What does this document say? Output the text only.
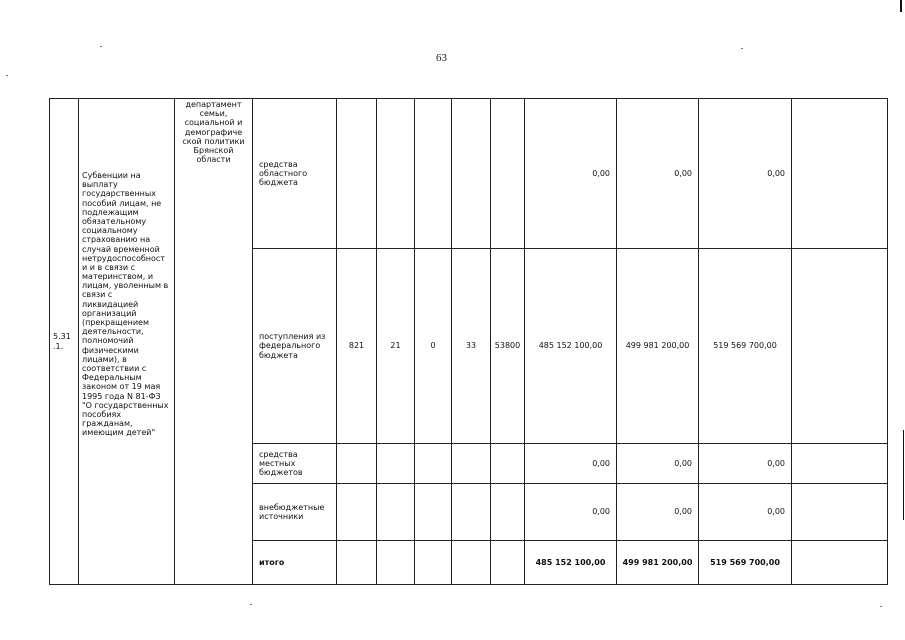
63
5.31 .1.	Субвенции на выплату государственных пособий лицам, не подлежащим обязательному социальному страхованию на случай временной нетрудоспособност и и в связи с материнством, и лицам, уволенным в связи с ликвидацией организаций (прекращением деятельности, полномочий физическими лицами), в соответствии с Федеральным законом от 19 мая 1995 года N 81-ФЗ "О государственных пособиях гражданам, имеющим детей"	департамент семьи, социальной и демографиче ской политики Брянской области	средства областного бюджета						0,00	0,00	0,00	
			поступления из федерального бюджета	821	21	0	33	53800	485 152 100,00	499 981 200,00	519 569 700,00	
			средства местных бюджетов						0,00	0,00	0,00	
			внебюджетные источники						0,00	0,00	0,00	
			итого						485 152 100,00	499 981 200,00	519 569 700,00	
